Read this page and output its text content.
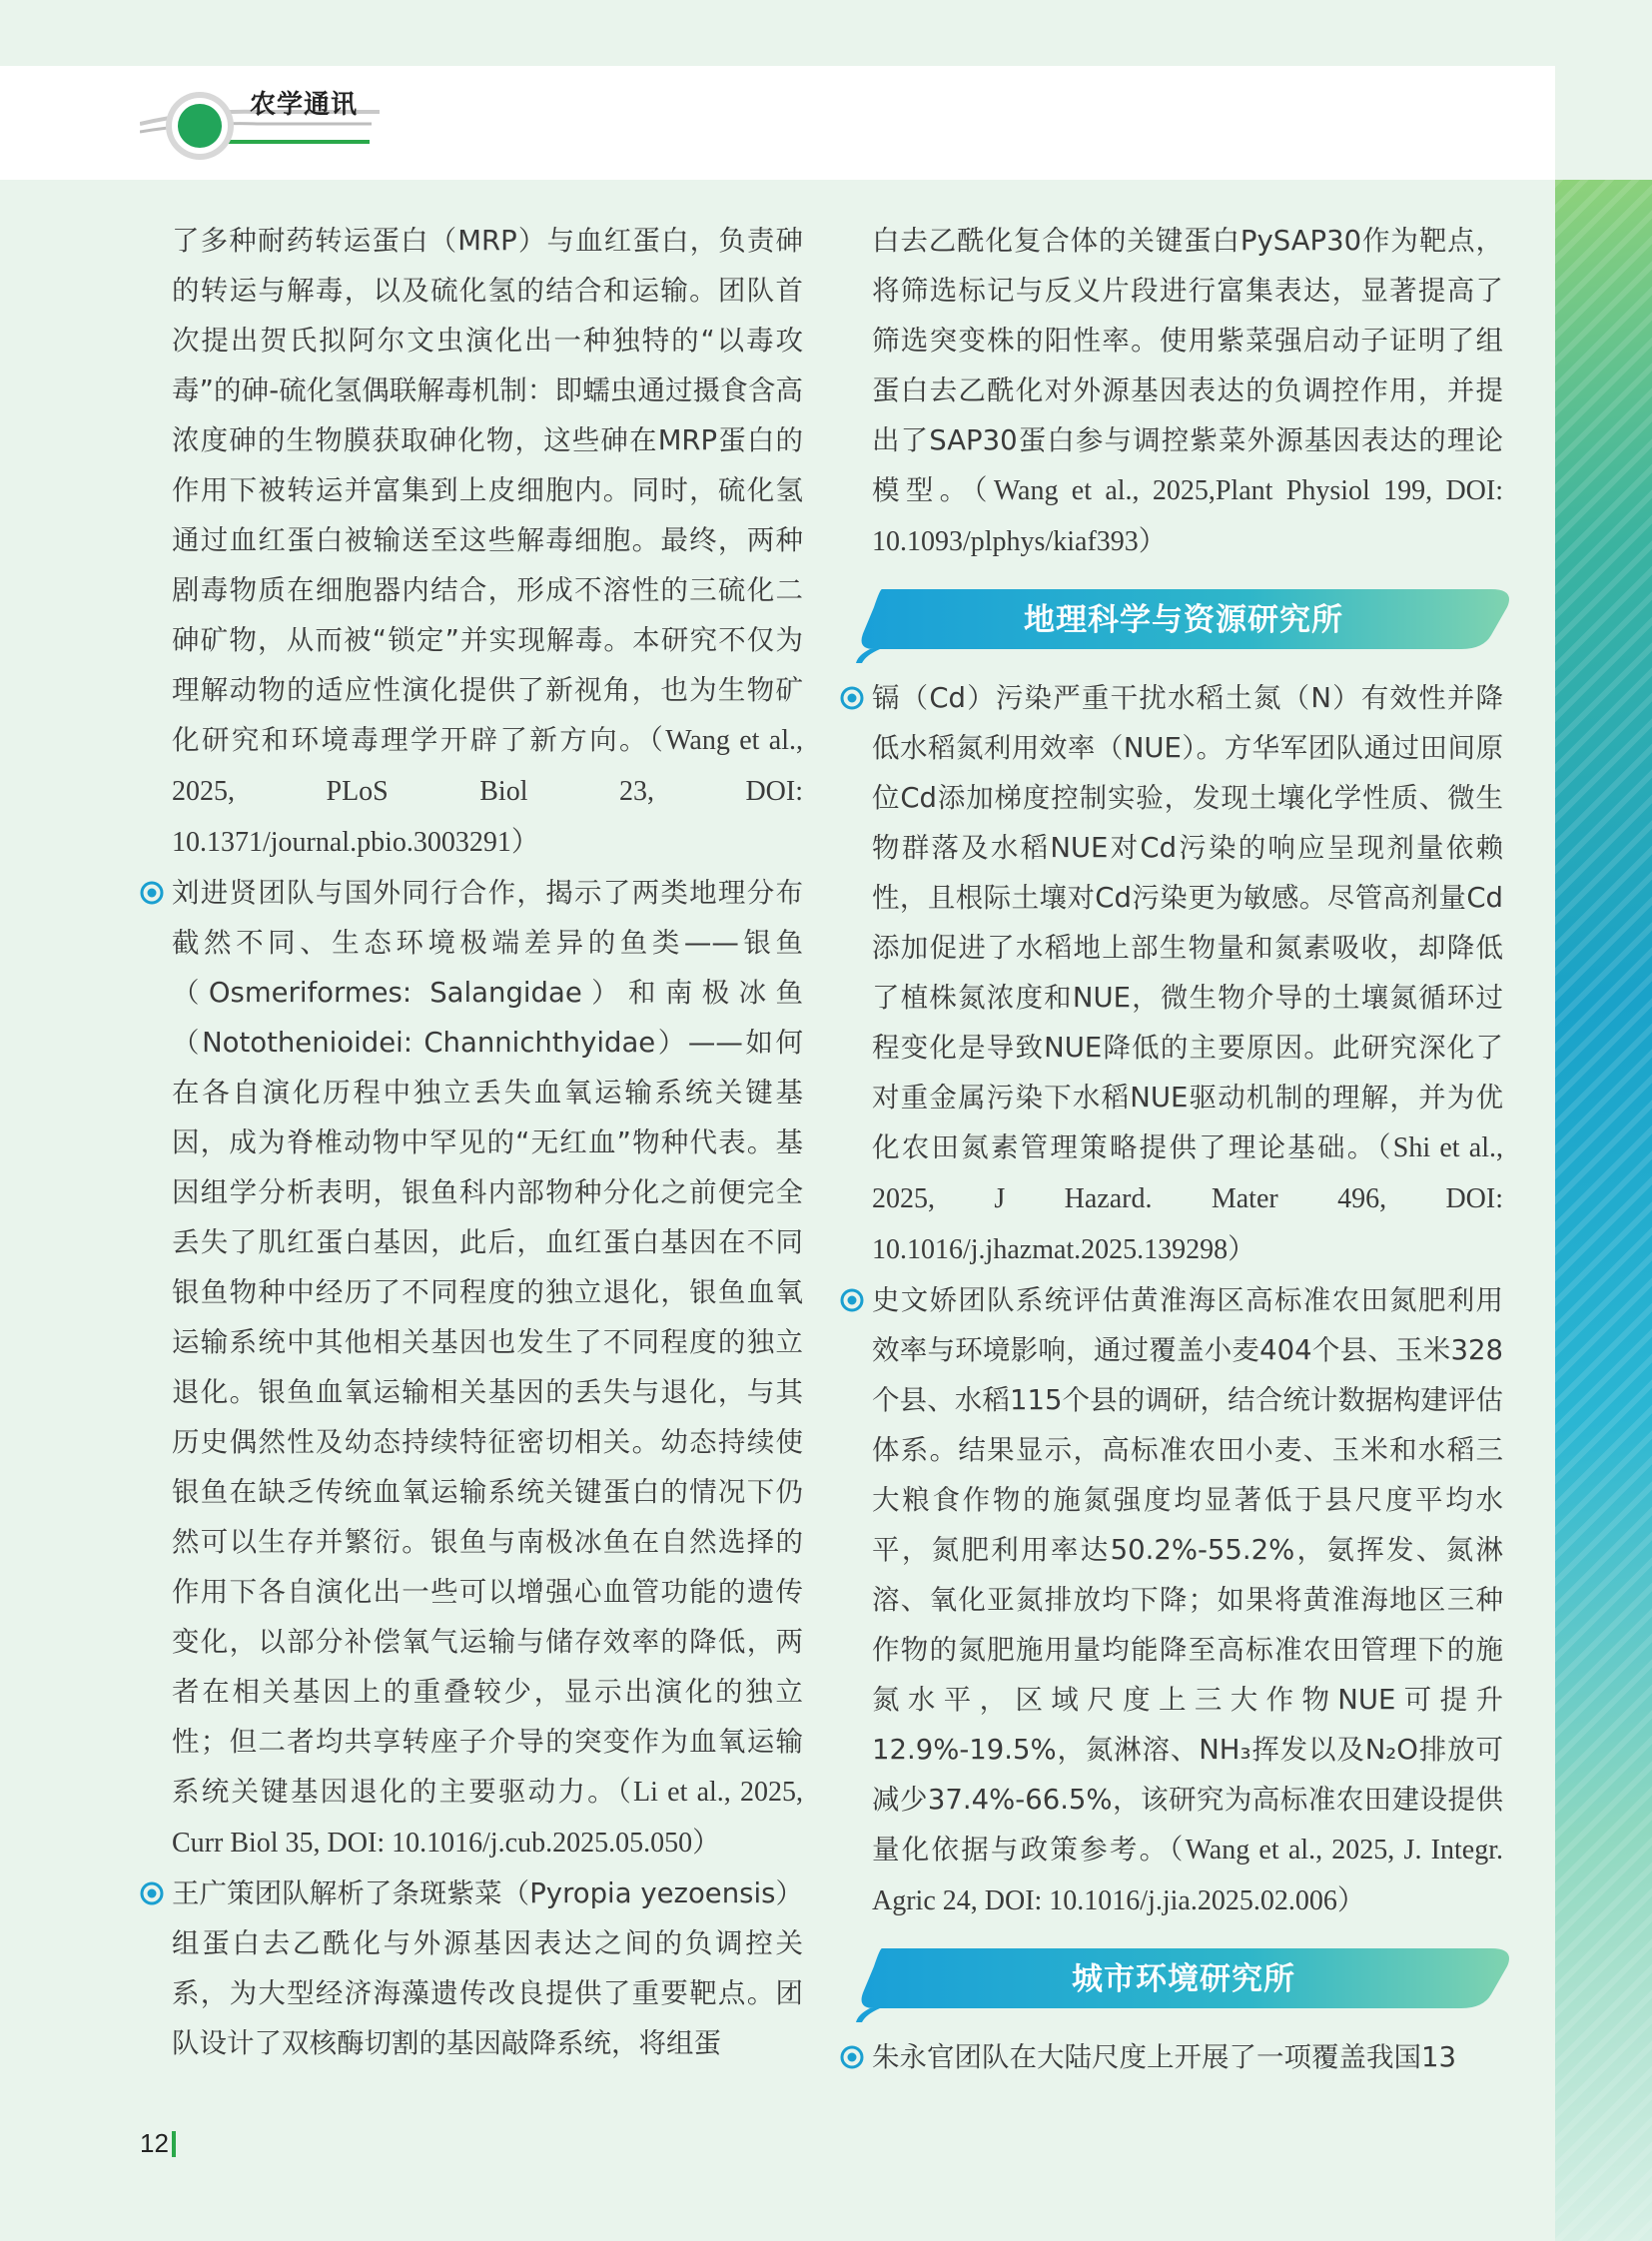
农学通讯

了多种耐药转运蛋白（MRP）与血红蛋白，负责砷的转运与解毒，以及硫化氢的结合和运输。团队首次提出贺氏拟阿尔文虫演化出一种独特的“以毒攻毒”的砷-硫化氢偶联解毒机制：即蠕虫通过摄食含高浓度砷的生物膜获取砷化物，这些砷在MRP蛋白的作用下被转运并富集到上皮细胞内。同时，硫化氢通过血红蛋白被输送至这些解毒细胞。最终，两种剧毒物质在细胞器内结合，形成不溶性的三硫化二砷矿物，从而被“锁定”并实现解毒。本研究不仅为理解动物的适应性演化提供了新视角，也为生物矿化研究和环境毒理学开辟了新方向。（Wang et al., 2025, PLoS Biol 23, DOI: 10.1371/journal.pbio.3003291）

刘进贤团队与国外同行合作，揭示了两类地理分布截然不同、生态环境极端差异的鱼类——银鱼（Osmeriformes: Salangidae）和南极冰鱼（Notothenioidei: Channichthyidae）——如何在各自演化历程中独立丢失血氧运输系统关键基因，成为脊椎动物中罕见的“无红血”物种代表。基因组学分析表明，银鱼科内部物种分化之前便完全丢失了肌红蛋白基因，此后，血红蛋白基因在不同银鱼物种中经历了不同程度的独立退化，银鱼血氧运输系统中其他相关基因也发生了不同程度的独立退化。银鱼血氧运输相关基因的丢失与退化，与其历史偶然性及幼态持续特征密切相关。幼态持续使银鱼在缺乏传统血氧运输系统关键蛋白的情况下仍然可以生存并繁衍。银鱼与南极冰鱼在自然选择的作用下各自演化出一些可以增强心血管功能的遗传变化，以部分补偿氧气运输与储存效率的降低，两者在相关基因上的重叠较少，显示出演化的独立性；但二者均共享转座子介导的突变作为血氧运输系统关键基因退化的主要驱动力。（Li et al., 2025, Curr Biol 35, DOI: 10.1016/j.cub.2025.05.050）

王广策团队解析了条斑紫菜（Pyropia yezoensis）组蛋白去乙酰化与外源基因表达之间的负调控关系，为大型经济海藻遗传改良提供了重要靶点。团队设计了双核酶切割的基因敲降系统，将组蛋

白去乙酰化复合体的关键蛋白PySAP30作为靶点，将筛选标记与反义片段进行富集表达，显著提高了筛选突变株的阳性率。使用紫菜强启动子证明了组蛋白去乙酰化对外源基因表达的负调控作用，并提出了SAP30蛋白参与调控紫菜外源基因表达的理论模型。（Wang et al., 2025,Plant Physiol 199, DOI: 10.1093/plphys/kiaf393）

地理科学与资源研究所

镉（Cd）污染严重干扰水稻土氮（N）有效性并降低水稻氮利用效率（NUE）。方华军团队通过田间原位Cd添加梯度控制实验，发现土壤化学性质、微生物群落及水稻NUE对Cd污染的响应呈现剂量依赖性，且根际土壤对Cd污染更为敏感。尽管高剂量Cd添加促进了水稻地上部生物量和氮素吸收，却降低了植株氮浓度和NUE，微生物介导的土壤氮循环过程变化是导致NUE降低的主要原因。此研究深化了对重金属污染下水稻NUE驱动机制的理解，并为优化农田氮素管理策略提供了理论基础。（Shi et al., 2025, J Hazard. Mater 496, DOI: 10.1016/j.jhazmat.2025.139298）

史文娇团队系统评估黄淮海区高标准农田氮肥利用效率与环境影响，通过覆盖小麦404个县、玉米328个县、水稻115个县的调研，结合统计数据构建评估体系。结果显示，高标准农田小麦、玉米和水稻三大粮食作物的施氮强度均显著低于县尺度平均水平，氮肥利用率达50.2%-55.2%，氨挥发、氮淋溶、氧化亚氮排放均下降；如果将黄淮海地区三种作物的氮肥施用量均能降至高标准农田管理下的施氮水平，区域尺度上三大作物NUE可提升12.9%-19.5%，氮淋溶、NH₃挥发以及N₂O排放可减少37.4%-66.5%，该研究为高标准农田建设提供量化依据与政策参考。（Wang et al., 2025, J. Integr. Agric 24, DOI: 10.1016/j.jia.2025.02.006）

城市环境研究所

朱永官团队在大陆尺度上开展了一项覆盖我国13

12
